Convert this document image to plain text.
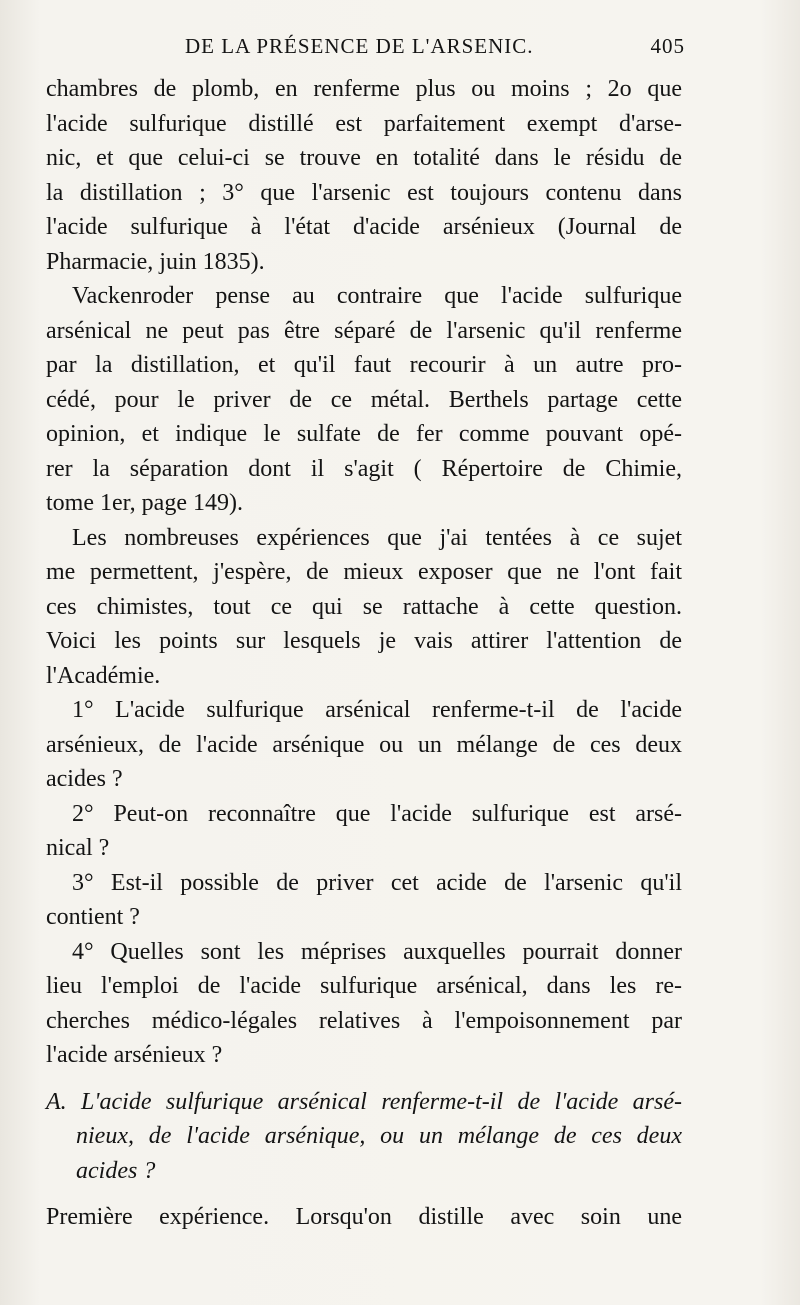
DE LA PRÉSENCE DE L'ARSENIC.	405
chambres de plomb, en renferme plus ou moins ; 2o que
l'acide sulfurique distillé est parfaitement exempt d'arse-
nic, et que celui-ci se trouve en totalité dans le résidu de
la distillation ; 3° que l'arsenic est toujours contenu dans
l'acide sulfurique à l'état d'acide arsénieux (Journal de
Pharmacie, juin 1835).
Vackenroder pense au contraire que l'acide sulfurique
arsénical ne peut pas être séparé de l'arsenic qu'il renferme
par la distillation, et qu'il faut recourir à un autre pro-
cédé, pour le priver de ce métal. Berthels partage cette
opinion, et indique le sulfate de fer comme pouvant opé-
rer la séparation dont il s'agit ( Répertoire de Chimie,
tome 1er, page 149).
Les nombreuses expériences que j'ai tentées à ce sujet
me permettent, j'espère, de mieux exposer que ne l'ont fait
ces chimistes, tout ce qui se rattache à cette question.
Voici les points sur lesquels je vais attirer l'attention de
l'Académie.
1° L'acide sulfurique arsénical renferme-t-il de l'acide
arsénieux, de l'acide arsénique ou un mélange de ces deux
acides ?
2° Peut-on reconnaître que l'acide sulfurique est arsé-
nical ?
3° Est-il possible de priver cet acide de l'arsenic qu'il
contient ?
4° Quelles sont les méprises auxquelles pourrait donner
lieu l'emploi de l'acide sulfurique arsénical, dans les re-
cherches médico-légales relatives à l'empoisonnement par
l'acide arsénieux ?
A. L'acide sulfurique arsénical renferme-t-il de l'acide arsé-
nieux, de l'acide arsénique, ou un mélange de ces deux
acides ?
Première expérience. Lorsqu'on distille avec soin une
